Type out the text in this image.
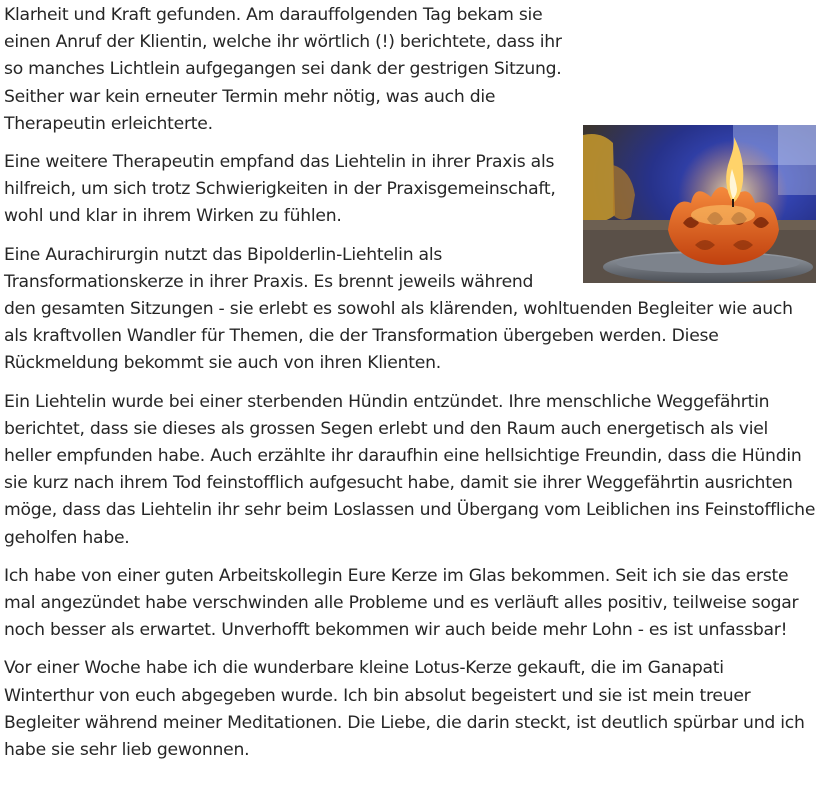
Klarheit und Kraft gefunden. Am darauffolgenden Tag bekam sie einen Anruf der Klientin, welche ihr wörtlich (!) berichtete, dass ihr so manches Lichtlein aufgegangen sei dank der gestrigen Sitzung. Seither war kein erneuter Termin mehr nötig, was auch die Therapeutin erleichterte.

Eine weitere Therapeutin empfand das Liehtelin in ihrer Praxis als hilfreich, um sich trotz Schwierigkeiten in der Praxisgemeinschaft, wohl und klar in ihrem Wirken zu fühlen.

Eine Aurachirurgin nutzt das Bipolderlin-Liehtelin als Transformationskerze in ihrer Praxis. Es brennt jeweils während den gesamten Sitzungen - sie erlebt es sowohl als klärenden, wohltuenden Begleiter wie auch als kraftvollen Wandler für Themen, die der Transformation übergeben werden. Diese Rückmeldung bekommt sie auch von ihren Klienten.

Ein Liehtelin wurde bei einer sterbenden Hündin entzündet. Ihre menschliche Weggefährtin berichtet, dass sie dieses als grossen Segen erlebt und den Raum auch energetisch als viel heller empfunden habe. Auch erzählte ihr daraufhin eine hellsichtige Freundin, dass die Hündin sie kurz nach ihrem Tod feinstofflich aufgesucht habe, damit sie ihrer Weggefährtin ausrichten möge, dass das Liehtelin ihr sehr beim Loslassen und Übergang vom Leiblichen ins Feinstoffliche geholfen habe.

Ich habe von einer guten Arbeitskollegin Eure Kerze im Glas bekommen. Seit ich sie das erste mal angezündet habe verschwinden alle Probleme und es verläuft alles positiv, teilweise sogar noch besser als erwartet. Unverhofft bekommen wir auch beide mehr Lohn - es ist unfassbar!

Vor einer Woche habe ich die wunderbare kleine Lotus-Kerze gekauft, die im Ganapati Winterthur von euch abgegeben wurde. Ich bin absolut begeistert und sie ist mein treuer Begleiter während meiner Meditationen. Die Liebe, die darin steckt, ist deutlich spürbar und ich habe sie sehr lieb gewonnen.
